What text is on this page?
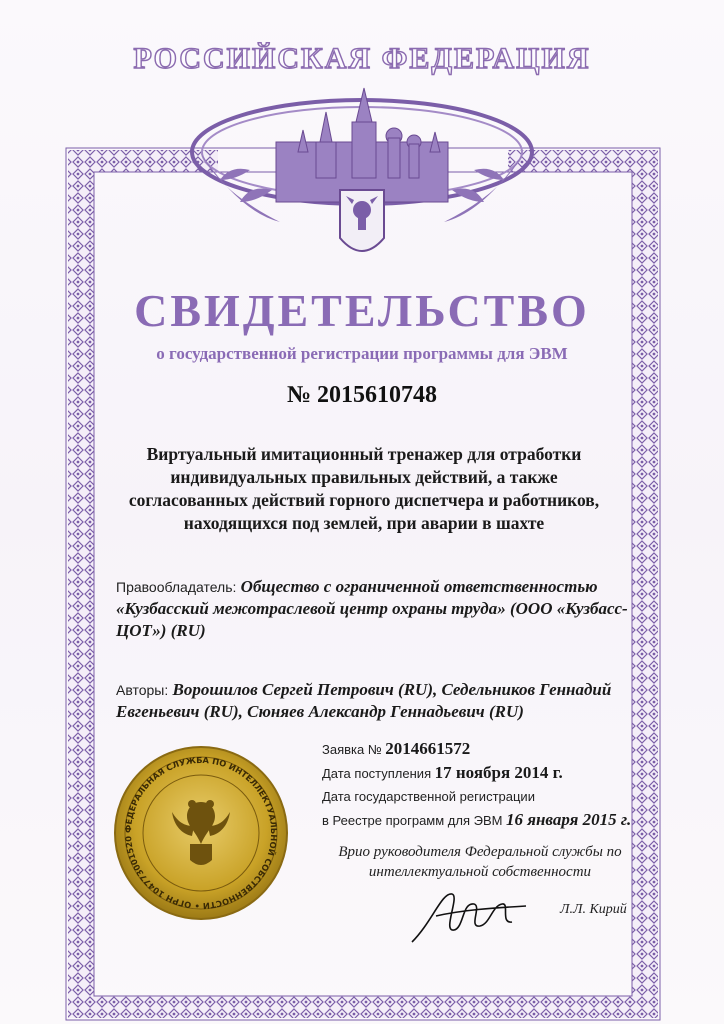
РОССИЙСКАЯ ФЕДЕРАЦИЯ
СВИДЕТЕЛЬСТВО
о государственной регистрации программы для ЭВМ
№ 2015610748
Виртуальный имитационный тренажер для отработки индивидуальных правильных действий, а также согласованных действий горного диспетчера и работников, находящихся под землей, при аварии в шахте
Правообладатель: Общество с ограниченной ответственностью «Кузбасский межотраслевой центр охраны труда» (ООО «Кузбасс-ЦОТ») (RU)
Авторы: Ворошилов Сергей Петрович (RU), Седельников Геннадий Евгеньевич (RU), Сюняев Александр Геннадьевич (RU)
Заявка № 2014661572
Дата поступления 17 ноября 2014 г.
Дата государственной регистрации
в Реестре программ для ЭВМ 16 января 2015 г.
Врио руководителя Федеральной службы по интеллектуальной собственности
Л.Л. Кирий
ФЕДЕРАЛЬНАЯ СЛУЖБА ПО ИНТЕЛЛЕКТУАЛЬНОЙ СОБСТВЕННОСТИ • ОГРН 104773001520
